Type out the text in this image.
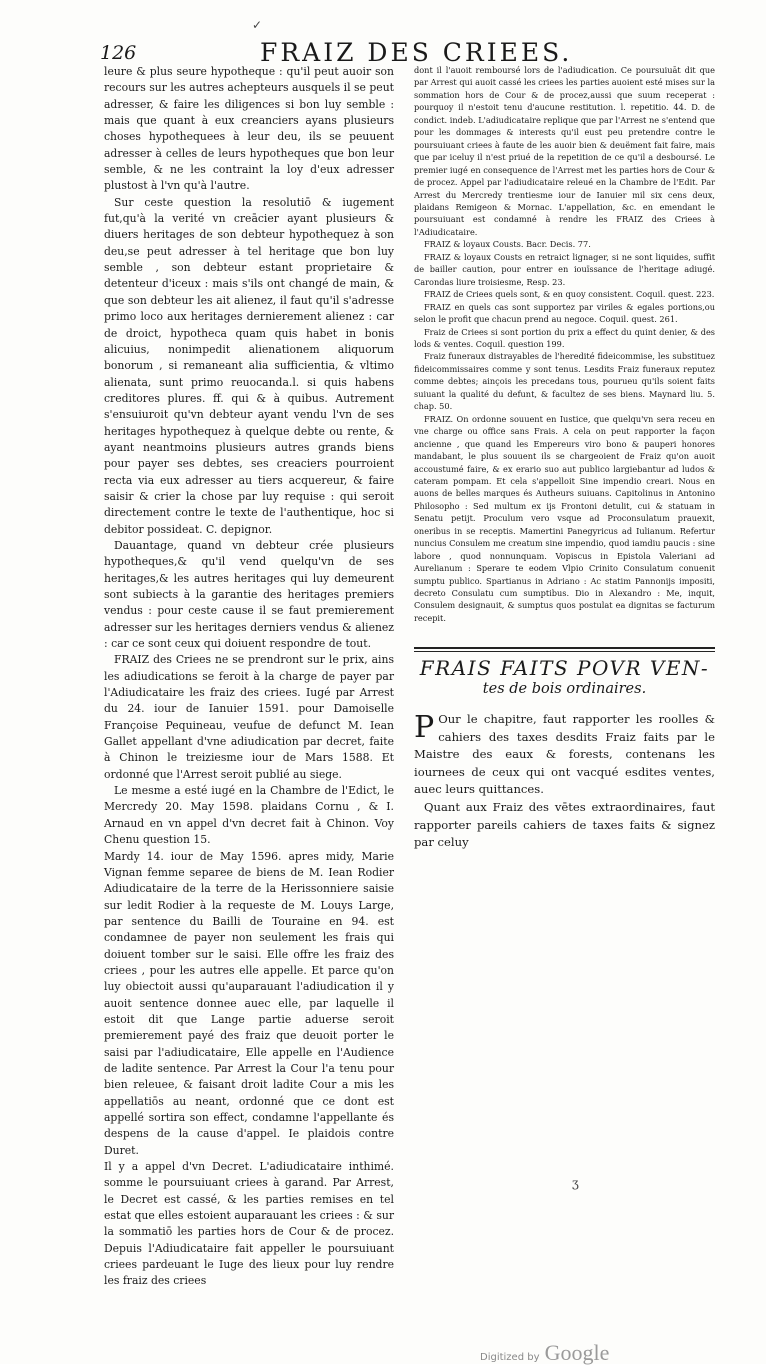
✓
126	FRAIZ DES CRIEES.

leure & plus seure hypotheque : qu'il peut auoir son recours sur les autres achepteurs ausquels il se peut adresser, & faire les diligences si bon luy semble : mais que quant à eux creanciers ayans plusieurs choses hypothequees à leur deu, ils se peuuent adresser à celles de leurs hypotheques que bon leur semble, & ne les contraint la loy d'eux adresser plustost à l'vn qu'à l'autre.

Sur ceste question la resolutiō & iugement fut,qu'à la verité vn creācier ayant plusieurs & diuers heritages de son debteur hypothequez à son deu,se peut adresser à tel heritage que bon luy semble , son debteur estant proprietaire & detenteur d'iceux : mais s'ils ont changé de main, & que son debteur les ait alienez, il faut qu'il s'adresse primo loco aux heritages dernierement alienez : car de droict, hypotheca quam quis habet in bonis alicuius, nonimpedit alienationem aliquorum bonorum , si remaneant alia sufficientia, & vltimo alienata, sunt primo reuocanda.l. si quis habens creditores plures. ff. qui & à quibus. Autrement s'ensuiuroit qu'vn debteur ayant vendu l'vn de ses heritages hypothequez à quelque debte ou rente, & ayant neantmoins plusieurs autres grands biens pour payer ses debtes, ses creaciers pourroient recta via eux adresser au tiers acquereur, & faire saisir & crier la chose par luy requise : qui seroit directement contre le texte de l'authentique, hoc si debitor possideat. C. depignor.

Dauantage, quand vn debteur crée plusieurs hypotheques,& qu'il vend quelqu'vn de ses heritages,& les autres heritages qui luy demeurent sont subiects à la garantie des heritages premiers vendus : pour ceste cause il se faut premierement adresser sur les heritages derniers vendus & alienez : car ce sont ceux qui doiuent respondre de tout.

FRAIZ des Criees ne se prendront sur le prix, ains les adiudications se feroit à la charge de payer par l'Adiudicataire les fraiz des criees. Iugé par Arrest du 24. iour de Ianuier 1591. pour Damoiselle Françoise Pequineau, veufue de defunct M. Iean Gallet appellant d'vne adiudication par decret, faite à Chinon le treiziesme iour de Mars 1588. Et ordonné que l'Arrest seroit publié au siege.

Le mesme a esté iugé en la Chambre de l'Edict, le Mercredy 20. May 1598. plaidans Cornu , & I. Arnaud en vn appel d'vn decret fait à Chinon. Voy Chenu question 15.

Mardy 14. iour de May 1596. apres midy, Marie Vignan femme separee de biens de M. Iean Rodier Adiudicataire de la terre de la Herissonniere saisie sur ledit Rodier à la requeste de M. Louys Large, par sentence du Bailli de Touraine en 94. est condamnee de payer non seulement les frais qui doiuent tomber sur le saisi. Elle offre les fraiz des criees , pour les autres elle appelle. Et parce qu'on luy obiectoit aussi qu'auparauant l'adiudication il y auoit sentence donnee auec elle, par laquelle il estoit dit que Lange partie aduerse seroit premierement payé des fraiz que deuoit porter le saisi par l'adiudicataire, Elle appelle en l'Audience de ladite sentence. Par Arrest la Cour l'a tenu pour bien releuee, & faisant droit ladite Cour a mis les appellatiōs au neant, ordonné que ce dont est appellé sortira son effect, condamne l'appellante és despens de la cause d'appel. Ie plaidois contre Duret.

Il y a appel d'vn Decret. L'adiudicataire inthimé. somme le poursuiuant criees à garand. Par Arrest, le Decret est cassé, & les parties remises en tel estat que elles estoient auparauant les criees : & sur la sommatiō les parties hors de Cour & de procez. Depuis l'Adiudicataire fait appeller le poursuiuant criees pardeuant le Iuge des lieux pour luy rendre les fraiz des criees

dont il l'auoit remboursé lors de l'adiudication. Ce poursuiuāt dit que par Arrest qui auoit cassé les criees les parties auoient esté mises sur la sommation hors de Cour & de procez,aussi que suum receperat : pourquoy il n'estoit tenu d'aucune restitution. l. repetitio. 44. D. de condict. indeb. L'adiudicataire replique que par l'Arrest ne s'entend que pour les dommages & interests qu'il eust peu pretendre contre le poursuiuant criees à faute de les auoir bien & deuëment fait faire, mais que par iceluy il n'est priué de la repetition de ce qu'il a desboursé. Le premier iugé en consequence de l'Arrest met les parties hors de Cour & de procez. Appel par l'adiudicataire releué en la Chambre de l'Edit. Par Arrest du Mercredy trentiesme iour de Ianuier mil six cens deux, plaidans Remigeon & Mornac. L'appellation, &c. en emendant le poursuiuant est condamné à rendre les FRAIZ des Criees à l'Adiudicataire.

FRAIZ & loyaux Cousts. Bacr. Decis. 77.

FRAIZ & loyaux Cousts en retraict lignager, si ne sont liquides, suffit de bailler caution, pour entrer en iouïssance de l'heritage adiugé. Carondas liure troisiesme, Resp. 23.

FRAIZ de Criees quels sont, & en quoy consistent. Coquil. quest. 223.

FRAIZ en quels cas sont supportez par viriles & egales portions,ou selon le profit que chacun prend au negoce. Coquil. quest. 261.

Fraiz de Criees si sont portion du prix a effect du quint denier, & des lods & ventes. Coquil. question 199.

Fraiz funeraux distrayables de l'heredité fideicommise, les substituez fideicommissaires comme y sont tenus. Lesdits Fraiz funeraux reputez comme debtes; ainçois les precedans tous, pourueu qu'ils soient faits suiuant la qualité du defunt, & facultez de ses biens. Maynard liu. 5. chap. 50.

FRAIZ. On ordonne souuent en Iustice, que quelqu'vn sera receu en vne charge ou office sans Frais. A cela on peut rapporter la façon ancienne , que quand les Empereurs viro bono & pauperi honores mandabant, le plus souuent ils se chargeoient de Fraiz qu'on auoit accoustumé faire, & ex erario suo aut publico largiebantur ad ludos & cateram pompam. Et cela s'appelloit Sine impendio creari. Nous en auons de belles marques és Autheurs suiuans. Capitolinus in Antonino Philosopho : Sed multum ex ijs Frontoni detulit, cui & statuam in Senatu petijt. Proculum vero vsque ad Proconsulatum prauexit, oneribus in se receptis. Mamertini Panegyricus ad Iulianum. Refertur nuncius Consulem me creatum sine impendio, quod iamdiu paucis : sine labore , quod nonnunquam. Vopiscus in Epistola Valeriani ad Aurelianum : Sperare te eodem Vlpio Crinito Consulatum conuenit sumptu publico. Spartianus in Adriano : Ac statim Pannonijs impositi, decreto Consulatu cum sumptibus. Dio in Alexandro : Me, inquit, Consulem designauit, & sumptus quos postulat ea dignitas se facturum recepit.

FRAIS FAITS POVR VEN-
tes de bois ordinaires.

P Our le chapitre, faut rapporter les roolles & cahiers des taxes desdits Fraiz faits par le Maistre des eaux & forests, contenans les iournees de ceux qui ont vacqué esdites ventes, auec leurs quittances.

Quant aux Fraiz des vētes extraordinaires, faut rapporter pareils cahiers de taxes faits & signez par celuy

ʒ
Digitized by Google
